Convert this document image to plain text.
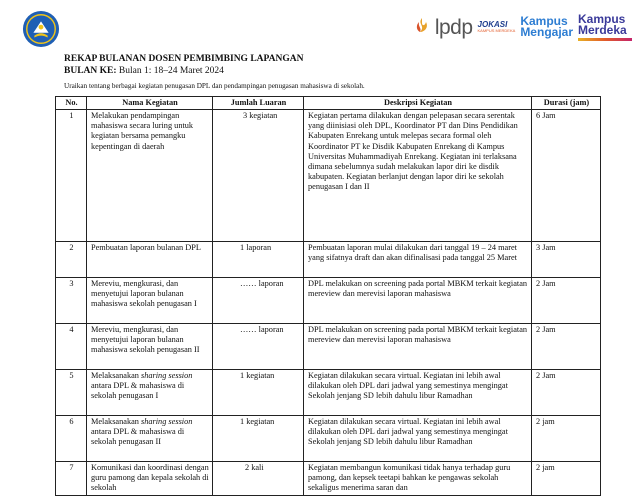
lpdp JOKASI
KAMPUS MERDEKA
Kampus
Mengajar
Kampus
Merdeka

REKAP BULANAN DOSEN PEMBIMBING LAPANGAN

BULAN KE: Bulan 1: 18–24 Maret 2024

Uraikan tentang berbagai kegiatan penugasan DPL dan pendampingan penugasan mahasiswa di sekolah.

No.	Nama Kegiatan	Jumlah Luaran	Deskripsi Kegiatan	Durasi (jam)
1	Melakukan pendampingan mahasiswa secara luring untuk kegiatan bersama pemangku kepentingan di daerah	3 kegiatan	Kegiatan pertama dilakukan dengan pelepasan secara serentak yang diinisiasi oleh DPL, Koordinator PT dan Dins Pendidikan Kabupaten Enrekang untuk melepas secara formal oleh Koordinator PT ke Disdik Kabupaten Enrekang di Kampus Universitas Muhammadiyah Enrekang. Kegiatan ini terlaksana dimana sebelumnya sudah melakukan lapor diri ke disdik kabupaten. Kegiatan berlanjut dengan lapor diri ke sekolah penugasan I dan II	6 Jam
2	Pembuatan laporan bulanan DPL	1 laporan	Pembuatan laporan mulai dilakukan dari tanggal 19 – 24 maret yang sifatnya draft dan akan difinalisasi pada tanggal 25 Maret	3 Jam
3	Mereviu, mengkurasi, dan menyetujui laporan bulanan mahasiswa sekolah penugasan I	…… laporan	DPL melakukan on screening pada portal MBKM terkait kegiatan mereview dan merevisi laporan mahasiswa	2 Jam
4	Mereviu, mengkurasi, dan menyetujui laporan bulanan mahasiswa sekolah penugasan II	…… laporan	DPL melakukan on screening pada portal MBKM terkait kegiatan mereview dan merevisi laporan mahasiswa	2 Jam
5	Melaksanakan sharing session antara DPL & mahasiswa di sekolah penugasan I	1 kegiatan	Kegiatan dilakukan secara virtual. Kegiatan ini lebih awal dilakukan oleh DPL dari jadwal yang semestinya mengingat Sekolah jenjang SD lebih dahulu libur Ramadhan	2 Jam
6	Melaksanakan sharing session antara DPL & mahasiswa di sekolah penugasan II	1 kegiatan	Kegiatan dilakukan secara virtual. Kegiatan ini lebih awal dilakukan oleh DPL dari jadwal yang semestinya mengingat Sekolah jenjang SD lebih dahulu libur Ramadhan	2 jam
7	Komunikasi dan koordinasi dengan guru pamong dan kepala sekolah di sekolah	2 kali	Kegiatan membangun komunikasi tidak hanya terhadap guru pamong, dan kepsek teetapi bahkan ke pengawas sekolah sekaligus menerima saran dan	2 jam
